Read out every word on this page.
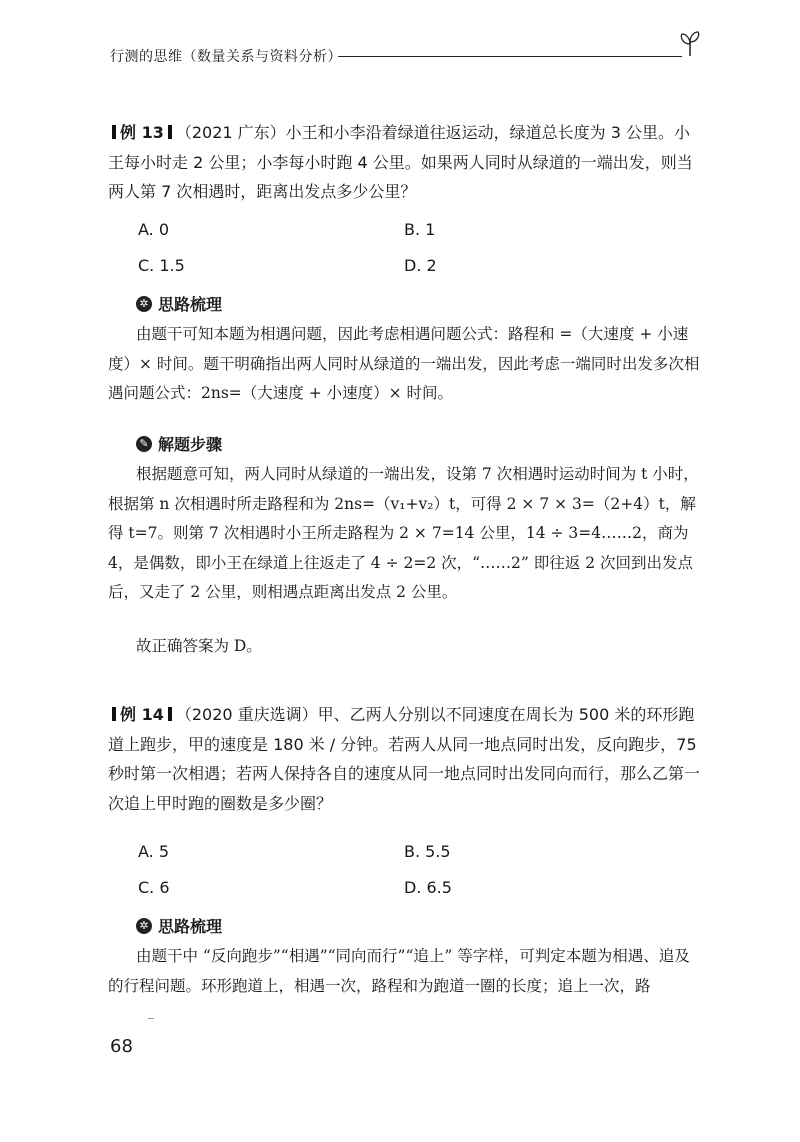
行测的思维（数量关系与资料分析）
例 13 （2021 广东）小王和小李沿着绿道往返运动，绿道总长度为 3 公里。小王每小时走 2 公里；小李每小时跑 4 公里。如果两人同时从绿道的一端出发，则当两人第 7 次相遇时，距离出发点多少公里？
A. 0	B. 1
C. 1.5	D. 2
✲ 思路梳理
由题干可知本题为相遇问题，因此考虑相遇问题公式：路程和 =（大速度 + 小速度）× 时间。题干明确指出两人同时从绿道的一端出发，因此考虑一端同时出发多次相遇问题公式：2ns=（大速度 + 小速度）× 时间。
✎ 解题步骤
根据题意可知，两人同时从绿道的一端出发，设第 7 次相遇时运动时间为 t 小时，根据第 n 次相遇时所走路程和为 2ns=（v₁+v₂）t，可得 2 × 7 × 3=（2+4）t，解得 t=7。则第 7 次相遇时小王所走路程为 2 × 7=14 公里，14 ÷ 3=4……2，商为 4，是偶数，即小王在绿道上往返走了 4 ÷ 2=2 次，“……2” 即往返 2 次回到出发点后，又走了 2 公里，则相遇点距离出发点 2 公里。
故正确答案为 D。
例 14 （2020 重庆选调）甲、乙两人分别以不同速度在周长为 500 米的环形跑道上跑步，甲的速度是 180 米 / 分钟。若两人从同一地点同时出发，反向跑步，75 秒时第一次相遇；若两人保持各自的速度从同一地点同时出发同向而行，那么乙第一次追上甲时跑的圈数是多少圈？
A. 5	B. 5.5
C. 6	D. 6.5
✲ 思路梳理
由题干中 “反向跑步”“相遇”“同向而行”“追上” 等字样，可判定本题为相遇、追及的行程问题。环形跑道上，相遇一次，路程和为跑道一圈的长度；追上一次，路
68
